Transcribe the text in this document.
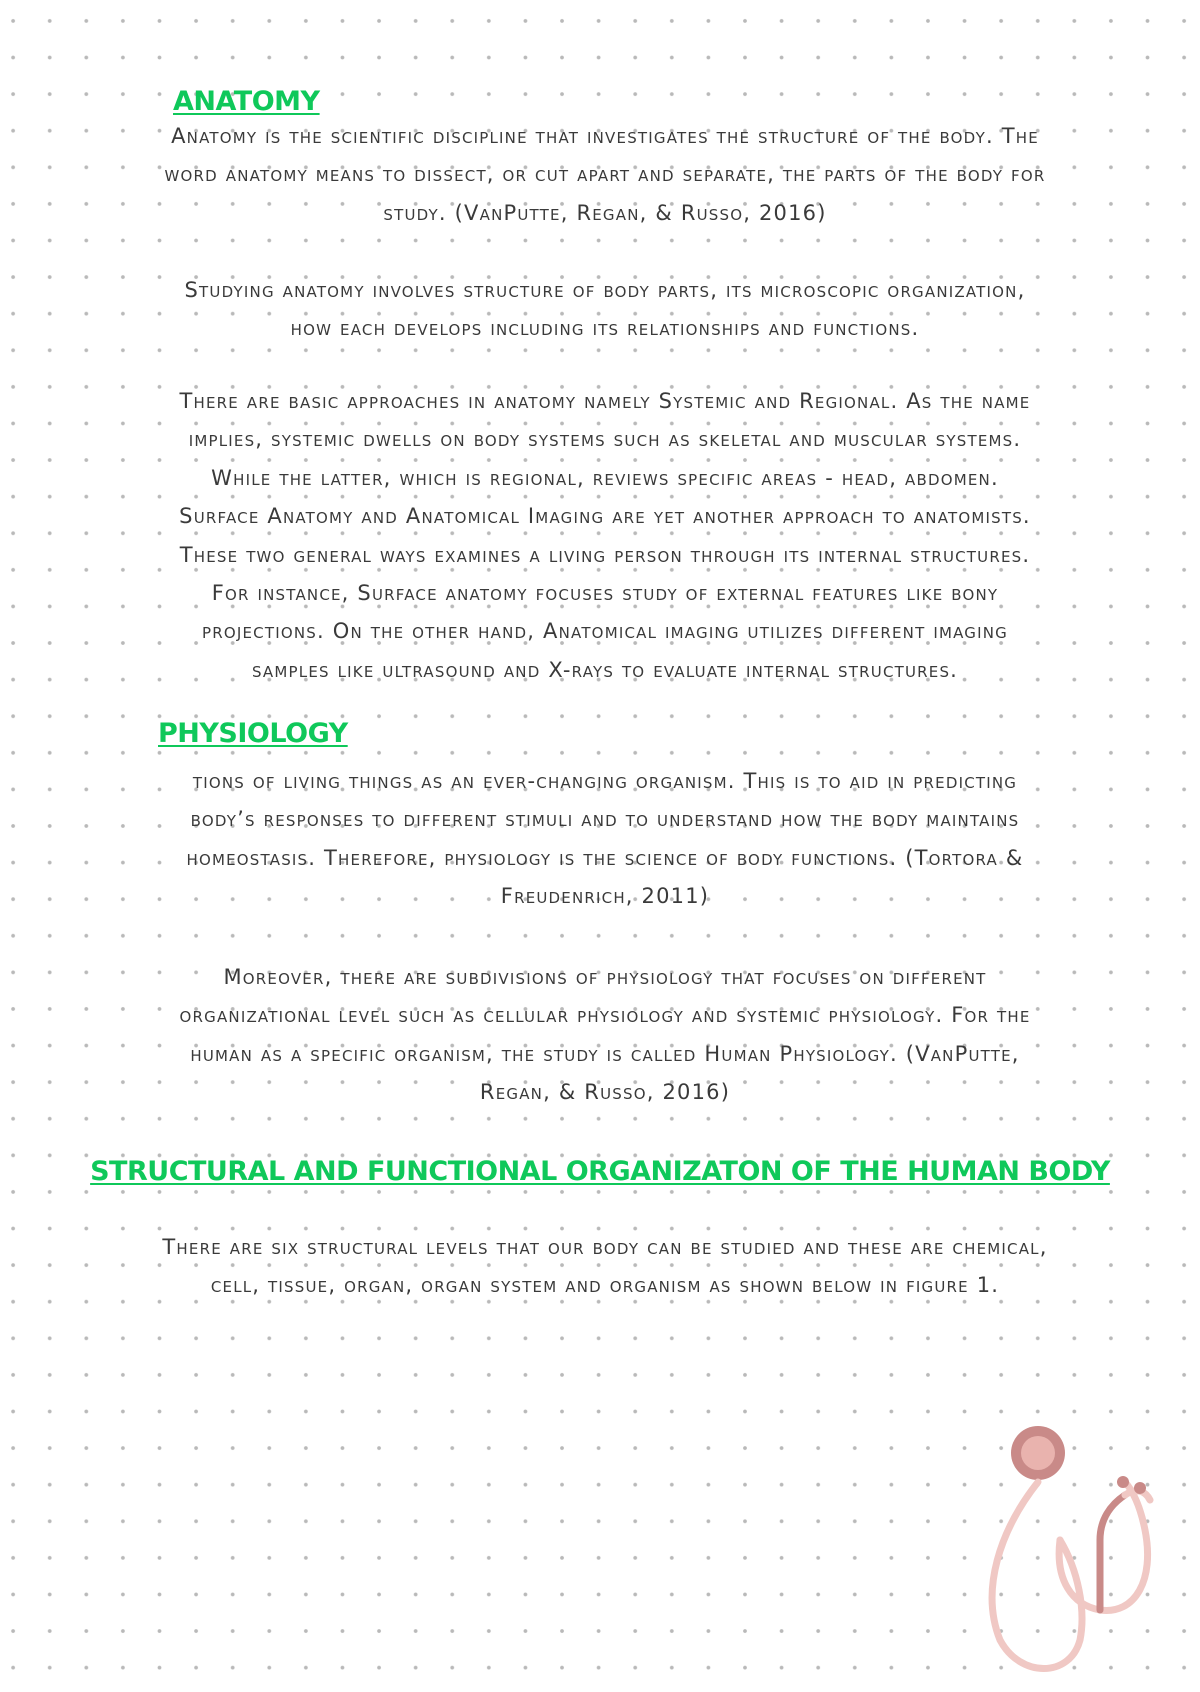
ANATOMY

Anatomy is the scientific discipline that investigates the structure of the body. The
word anatomy means to dissect, or cut apart and separate, the parts of the body for
study. (VanPutte, Regan, & Russo, 2016)

Studying anatomy involves structure of body parts, its microscopic organization,
how each develops including its relationships and functions.

There are basic approaches in anatomy namely Systemic and Regional. As the name
implies, systemic dwells on body systems such as skeletal and muscular systems.
While the latter, which is regional, reviews specific areas - head, abdomen.
Surface Anatomy and Anatomical Imaging are yet another approach to anatomists.
These two general ways examines a living person through its internal structures.
For instance, Surface anatomy focuses study of external features like bony
projections. On the other hand, Anatomical imaging utilizes different imaging
samples like ultrasound and X-rays to evaluate internal structures.

PHYSIOLOGY

tions of living things as an ever-changing organism. This is to aid in predicting
body’s responses to different stimuli and to understand how the body maintains
homeostasis. Therefore, physiology is the science of body functions. (Tortora &
Freudenrich, 2011)

Moreover, there are subdivisions of physiology that focuses on different
organizational level such as cellular physiology and systemic physiology. For the
human as a specific organism, the study is called Human Physiology. (VanPutte,
Regan, & Russo, 2016)

STRUCTURAL AND FUNCTIONAL ORGANIZATON OF THE HUMAN BODY

There are six structural levels that our body can be studied and these are chemical,
cell, tissue, organ, organ system and organism as shown below in figure 1.
